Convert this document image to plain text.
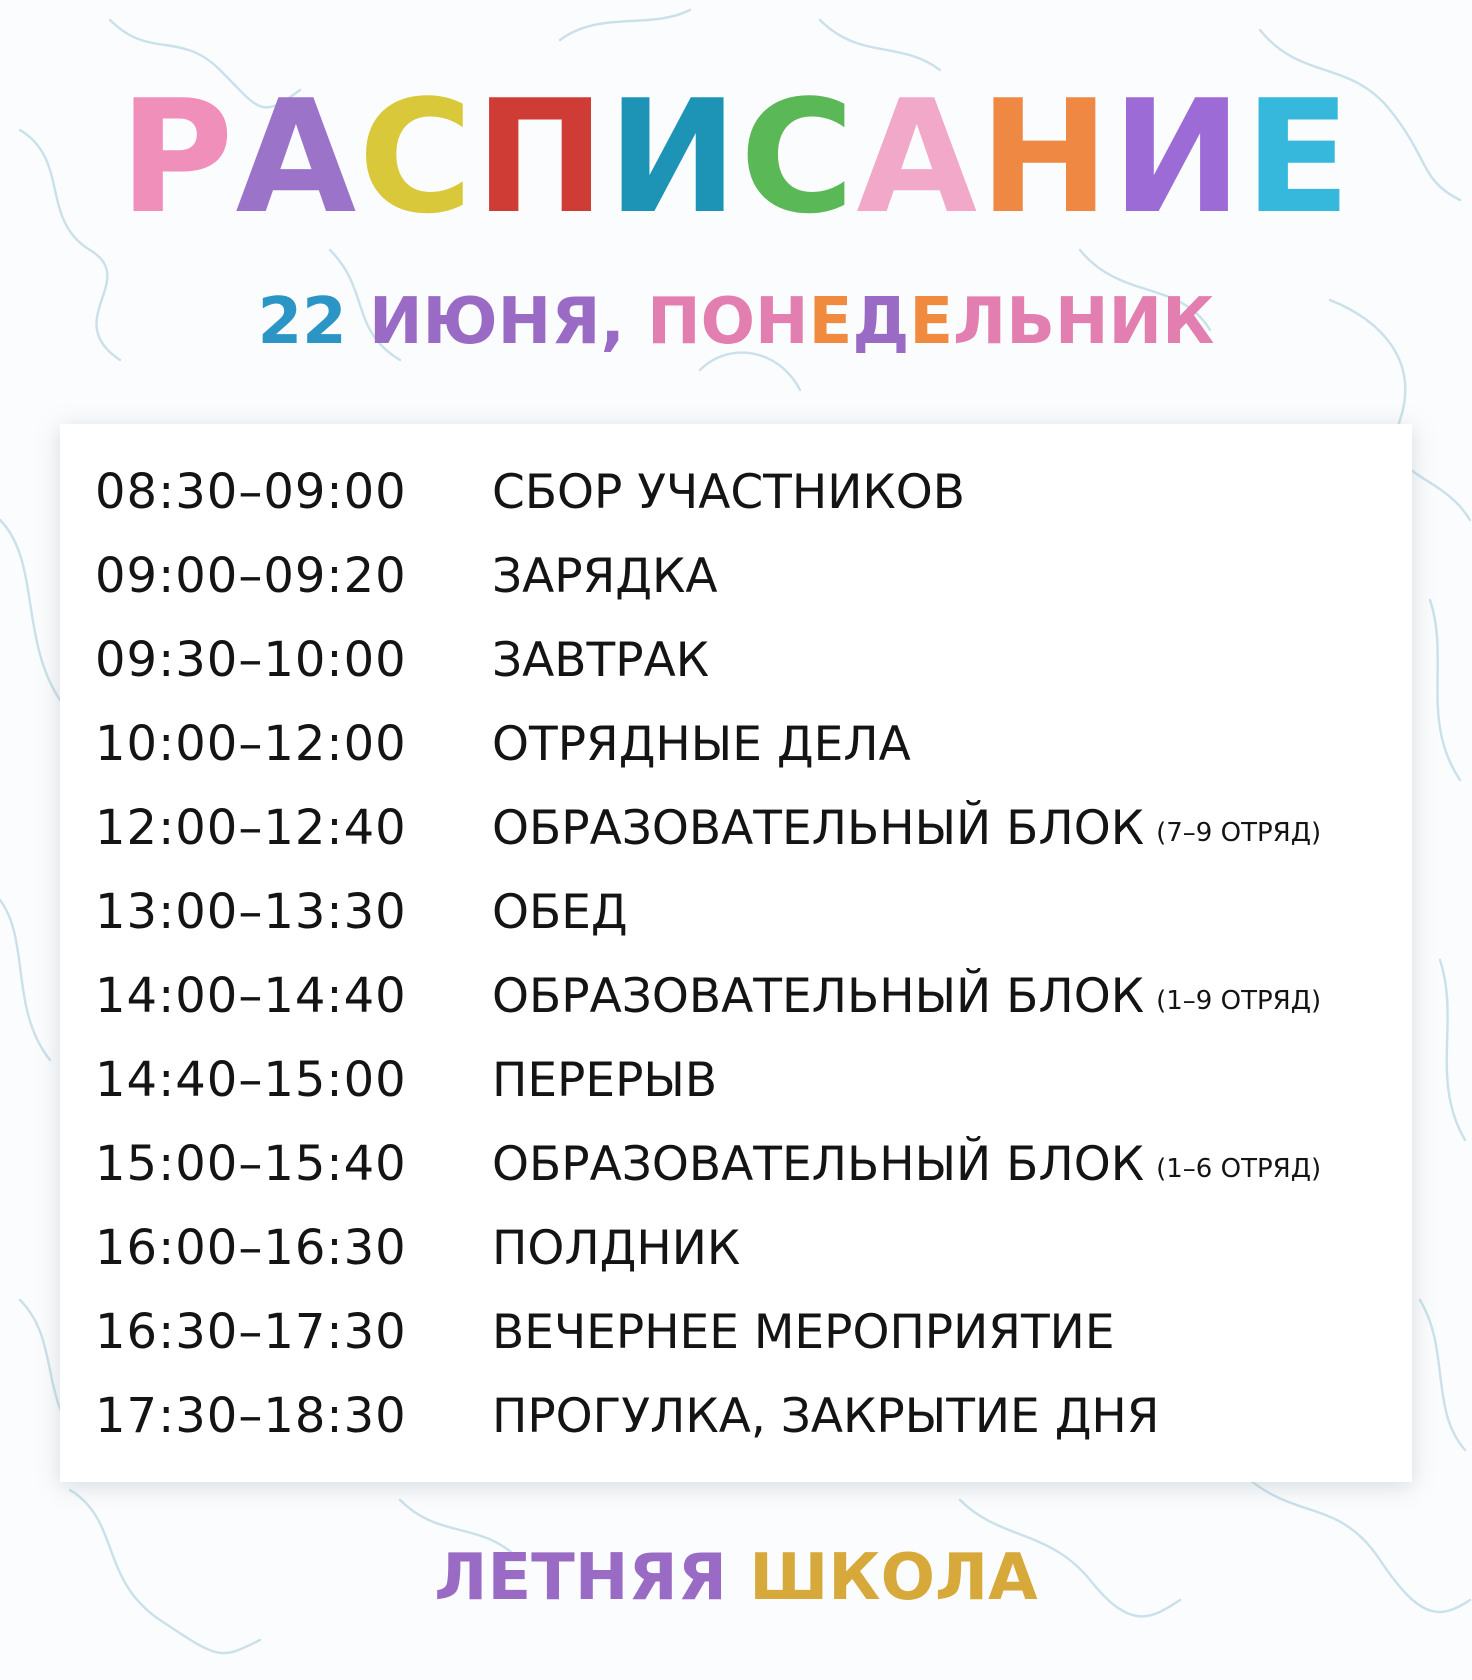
РАСПИСАНИЕ
22 ИЮНЯ, ПОНЕДЕЛЬНИК
08:30–09:00	СБОР УЧАСТНИКОВ
09:00–09:20	ЗАРЯДКА
09:30–10:00	ЗАВТРАК
10:00–12:00	ОТРЯДНЫЕ ДЕЛА
12:00–12:40	ОБРАЗОВАТЕЛЬНЫЙ БЛОК (7–9 ОТРЯД)
13:00–13:30	ОБЕД
14:00–14:40	ОБРАЗОВАТЕЛЬНЫЙ БЛОК (1–9 ОТРЯД)
14:40–15:00	ПЕРЕРЫВ
15:00–15:40	ОБРАЗОВАТЕЛЬНЫЙ БЛОК (1–6 ОТРЯД)
16:00–16:30	ПОЛДНИК
16:30–17:30	ВЕЧЕРНЕЕ МЕРОПРИЯТИЕ
17:30–18:30	ПРОГУЛКА, ЗАКРЫТИЕ ДНЯ
ЛЕТНЯЯ ШКОЛА
